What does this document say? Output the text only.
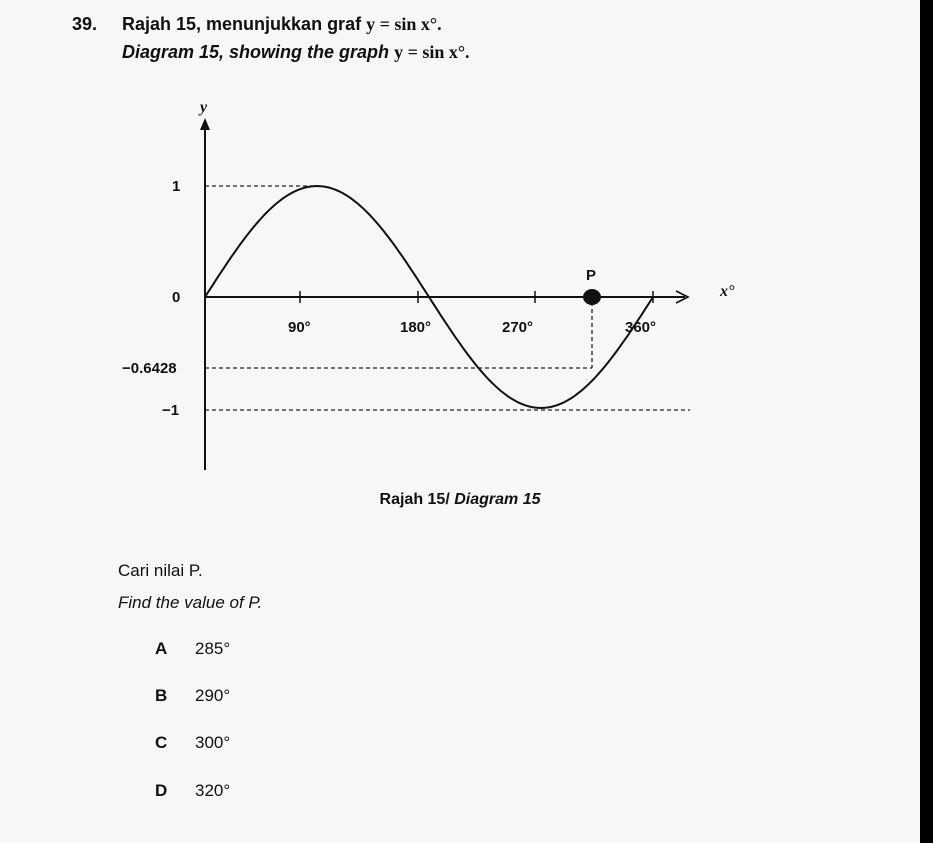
39. Rajah 15, menunjukkan graf y = sin x°.
Diagram 15, showing the graph y = sin x°.
P
y
x°
1
0
−0.6428
−1
90°	180°	270°	360°
Rajah 15/ Diagram 15
Cari nilai P.
Find the value of P.
A 285°
B 290°
C 300°
D 320°
